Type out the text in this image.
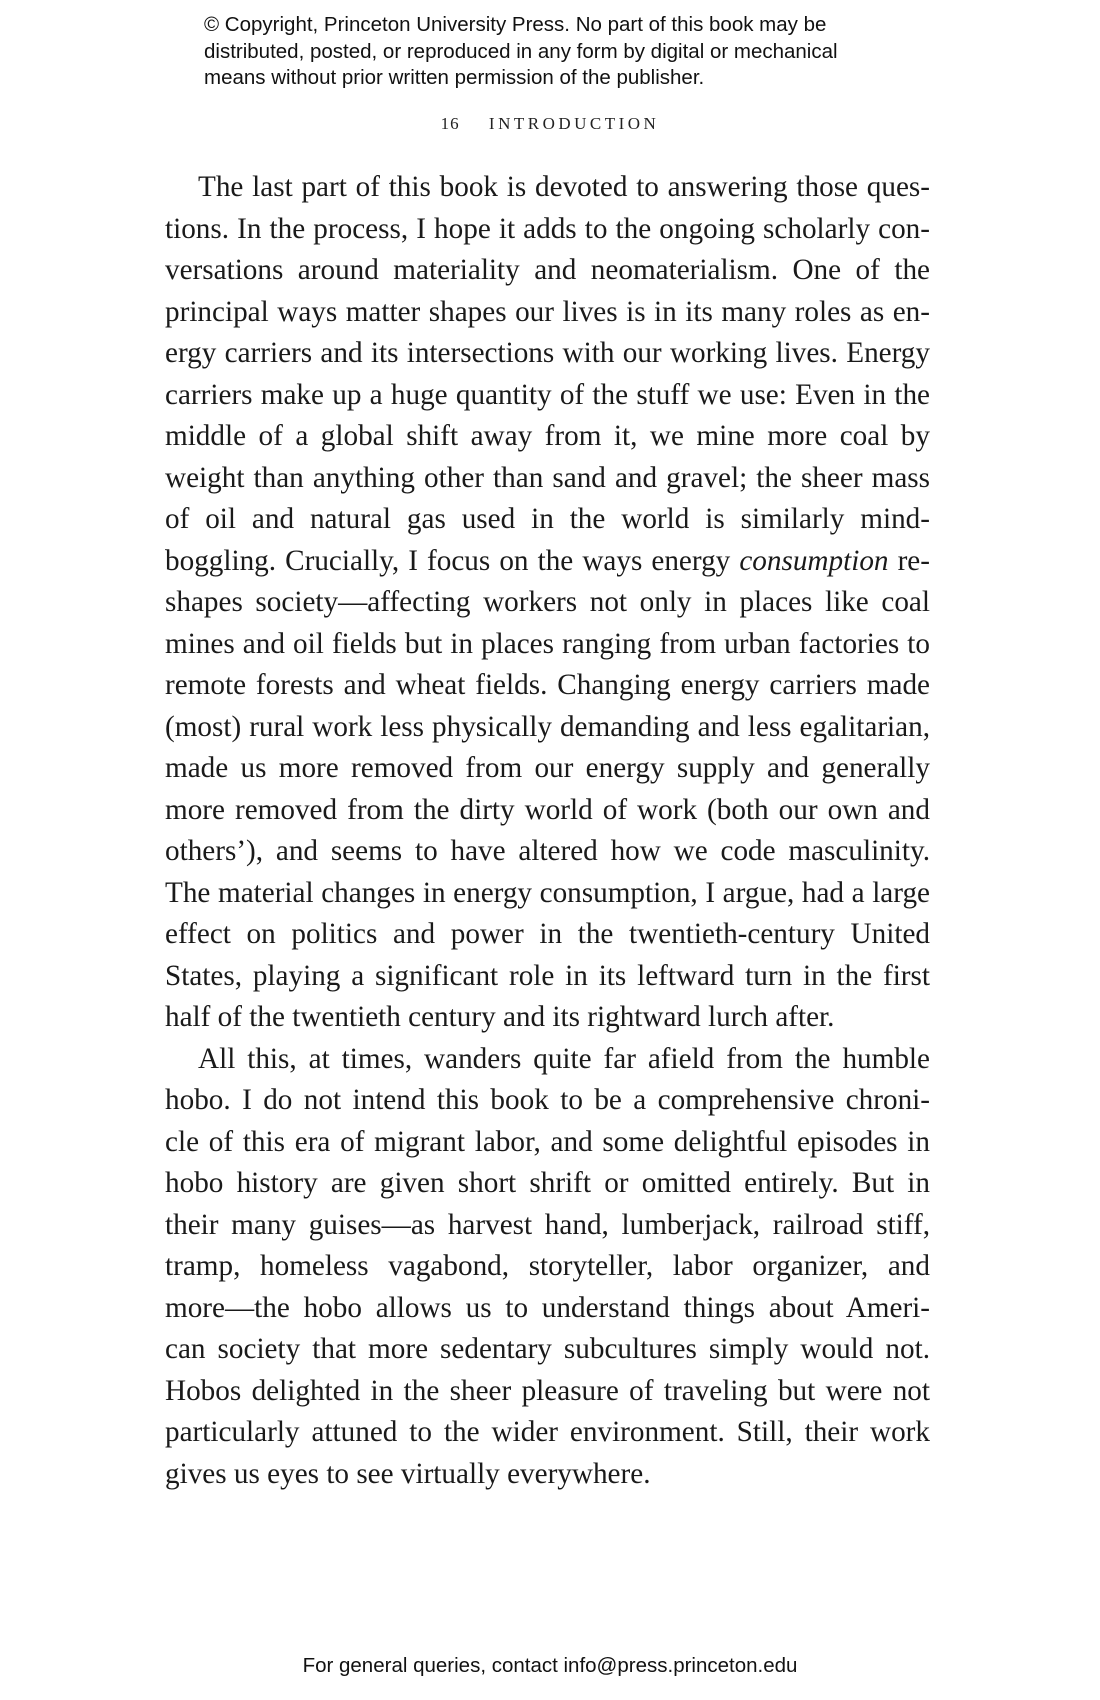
© Copyright, Princeton University Press. No part of this book may be
distributed, posted, or reproduced in any form by digital or mechanical
means without prior written permission of the publisher.
16 INTRODUCTION
The last part of this book is devoted to answering those ques-
tions. In the process, I hope it adds to the ongoing scholarly con-
versations around materiality and neomaterialism. One of the
principal ways matter shapes our lives is in its many roles as en-
ergy carriers and its intersections with our working lives. Energy
carriers make up a huge quantity of the stuff we use: Even in the
middle of a global shift away from it, we mine more coal by
weight than anything other than sand and gravel; the sheer mass
of oil and natural gas used in the world is similarly mind-
boggling. Crucially, I focus on the ways energy consumption re-
shapes society—affecting workers not only in places like coal
mines and oil fields but in places ranging from urban factories to
remote forests and wheat fields. Changing energy carriers made
(most) rural work less physically demanding and less egalitarian,
made us more removed from our energy supply and generally
more removed from the dirty world of work (both our own and
others’), and seems to have altered how we code masculinity.
The material changes in energy consumption, I argue, had a large
effect on politics and power in the twentieth-century United
States, playing a significant role in its leftward turn in the first
half of the twentieth century and its rightward lurch after.
All this, at times, wanders quite far afield from the humble
hobo. I do not intend this book to be a comprehensive chroni-
cle of this era of migrant labor, and some delightful episodes in
hobo history are given short shrift or omitted entirely. But in
their many guises—as harvest hand, lumberjack, railroad stiff,
tramp, homeless vagabond, storyteller, labor organizer, and
more—the hobo allows us to understand things about Ameri-
can society that more sedentary subcultures simply would not.
Hobos delighted in the sheer pleasure of traveling but were not
particularly attuned to the wider environment. Still, their work
gives us eyes to see virtually everywhere.
For general queries, contact info@press.princeton.edu
